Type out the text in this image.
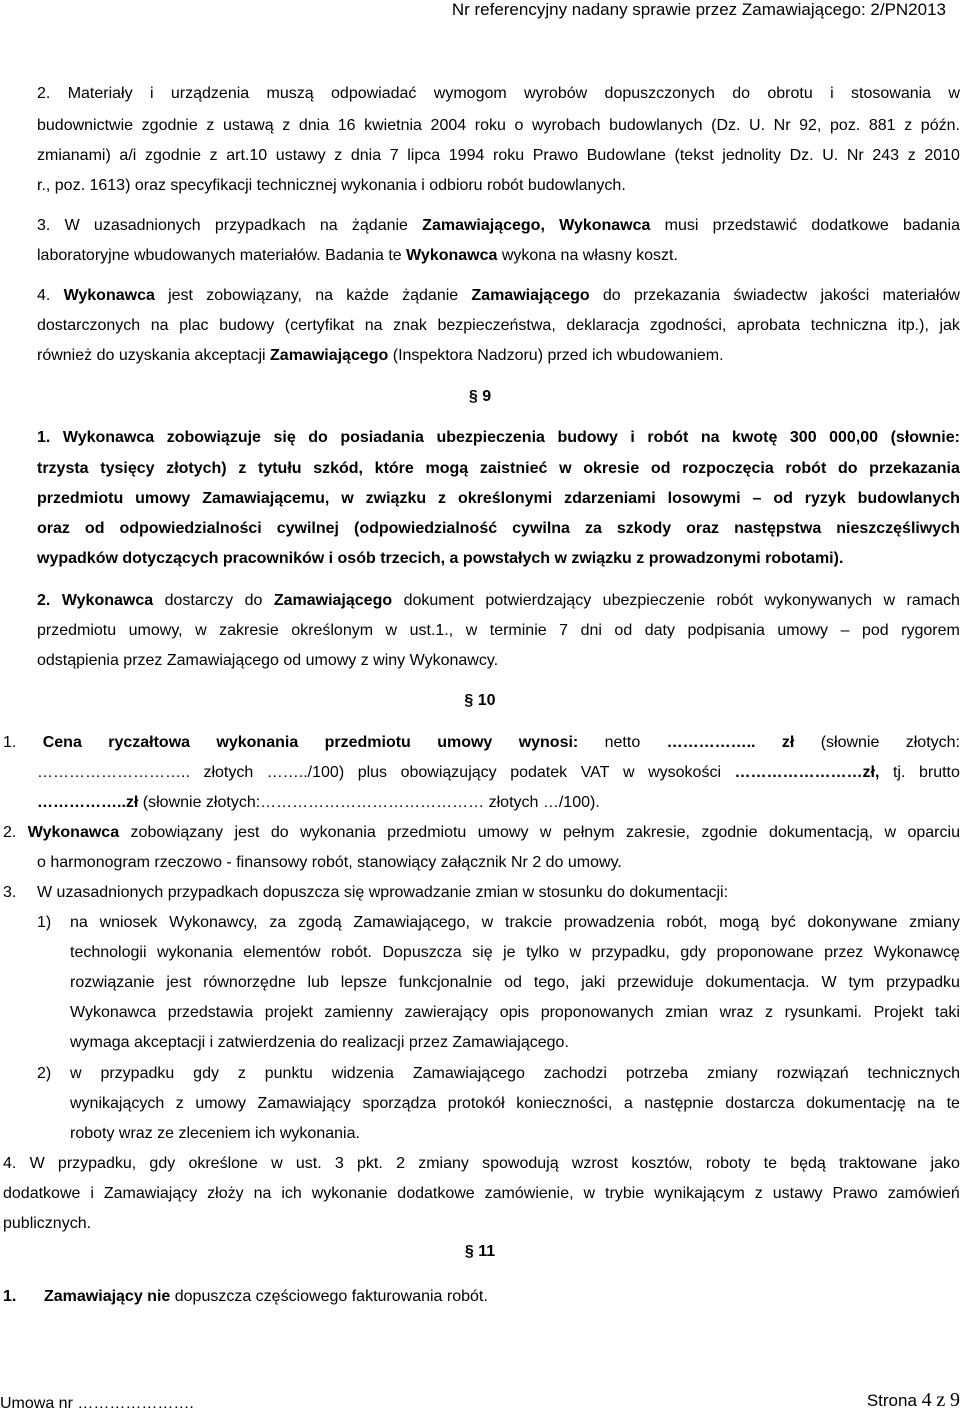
Nr referencyjny nadany sprawie przez Zamawiającego: 2/PN2013
2. Materiały i urządzenia muszą odpowiadać wymogom wyrobów dopuszczonych do obrotu i stosowania w
budownictwie zgodnie z ustawą z dnia 16 kwietnia 2004 roku o wyrobach budowlanych (Dz. U. Nr 92, poz. 881 z późn.
zmianami) a/i zgodnie z art.10 ustawy z dnia 7 lipca 1994 roku Prawo Budowlane (tekst jednolity Dz. U. Nr 243 z 2010
r., poz. 1613) oraz specyfikacji technicznej wykonania i odbioru robót budowlanych.
3. W uzasadnionych przypadkach na żądanie Zamawiającego, Wykonawca musi przedstawić dodatkowe badania
laboratoryjne wbudowanych materiałów. Badania te Wykonawca wykona na własny koszt.
4. Wykonawca jest zobowiązany, na każde żądanie Zamawiającego do przekazania świadectw jakości materiałów
dostarczonych na plac budowy (certyfikat na znak bezpieczeństwa, deklaracja zgodności, aprobata techniczna itp.), jak
również do uzyskania akceptacji Zamawiającego (Inspektora Nadzoru) przed ich wbudowaniem.
§ 9
1. Wykonawca zobowiązuje się do posiadania ubezpieczenia budowy i robót na kwotę 300 000,00 (słownie:
trzysta tysięcy złotych) z tytułu szkód, które mogą zaistnieć w okresie od rozpoczęcia robót do przekazania
przedmiotu umowy Zamawiającemu, w związku z określonymi zdarzeniami losowymi – od ryzyk budowlanych
oraz od odpowiedzialności cywilnej (odpowiedzialność cywilna za szkody oraz następstwa nieszczęśliwych
wypadków dotyczących pracowników i osób trzecich, a powstałych w związku z prowadzonymi robotami).
2. Wykonawca dostarczy do Zamawiającego dokument potwierdzający ubezpieczenie robót wykonywanych w ramach
przedmiotu umowy, w zakresie określonym w ust.1., w terminie 7 dni od daty podpisania umowy – pod rygorem
odstąpienia przez Zamawiającego od umowy z winy Wykonawcy.
§ 10
1. Cena ryczałtowa wykonania przedmiotu umowy wynosi: netto …………….. zł (słownie złotych:
……………………….. złotych ……../100) plus obowiązujący podatek VAT w wysokości ……………………zł, tj. brutto
……………..zł (słownie złotych:…………………………………… złotych …/100).
2. Wykonawca zobowiązany jest do wykonania przedmiotu umowy w pełnym zakresie, zgodnie dokumentacją, w oparciu
o harmonogram rzeczowo - finansowy robót, stanowiący załącznik Nr 2 do umowy.
3. W uzasadnionych przypadkach dopuszcza się wprowadzanie zmian w stosunku do dokumentacji:
1) na wniosek Wykonawcy, za zgodą Zamawiającego, w trakcie prowadzenia robót, mogą być dokonywane zmiany
technologii wykonania elementów robót. Dopuszcza się je tylko w przypadku, gdy proponowane przez Wykonawcę
rozwiązanie jest równorzędne lub lepsze funkcjonalnie od tego, jaki przewiduje dokumentacja. W tym przypadku
Wykonawca przedstawia projekt zamienny zawierający opis proponowanych zmian wraz z rysunkami. Projekt taki
wymaga akceptacji i zatwierdzenia do realizacji przez Zamawiającego.
2) w przypadku gdy z punktu widzenia Zamawiającego zachodzi potrzeba zmiany rozwiązań technicznych
wynikających z umowy Zamawiający sporządza protokół konieczności, a następnie dostarcza dokumentację na te
roboty wraz ze zleceniem ich wykonania.
4. W przypadku, gdy określone w ust. 3 pkt. 2 zmiany spowodują wzrost kosztów, roboty te będą traktowane jako
dodatkowe i Zamawiający złoży na ich wykonanie dodatkowe zamówienie, w trybie wynikającym z ustawy Prawo zamówień
publicznych.
§ 11
1. Zamawiający nie dopuszcza częściowego fakturowania robót.
Umowa nr ………………….	Strona 4 z 9
